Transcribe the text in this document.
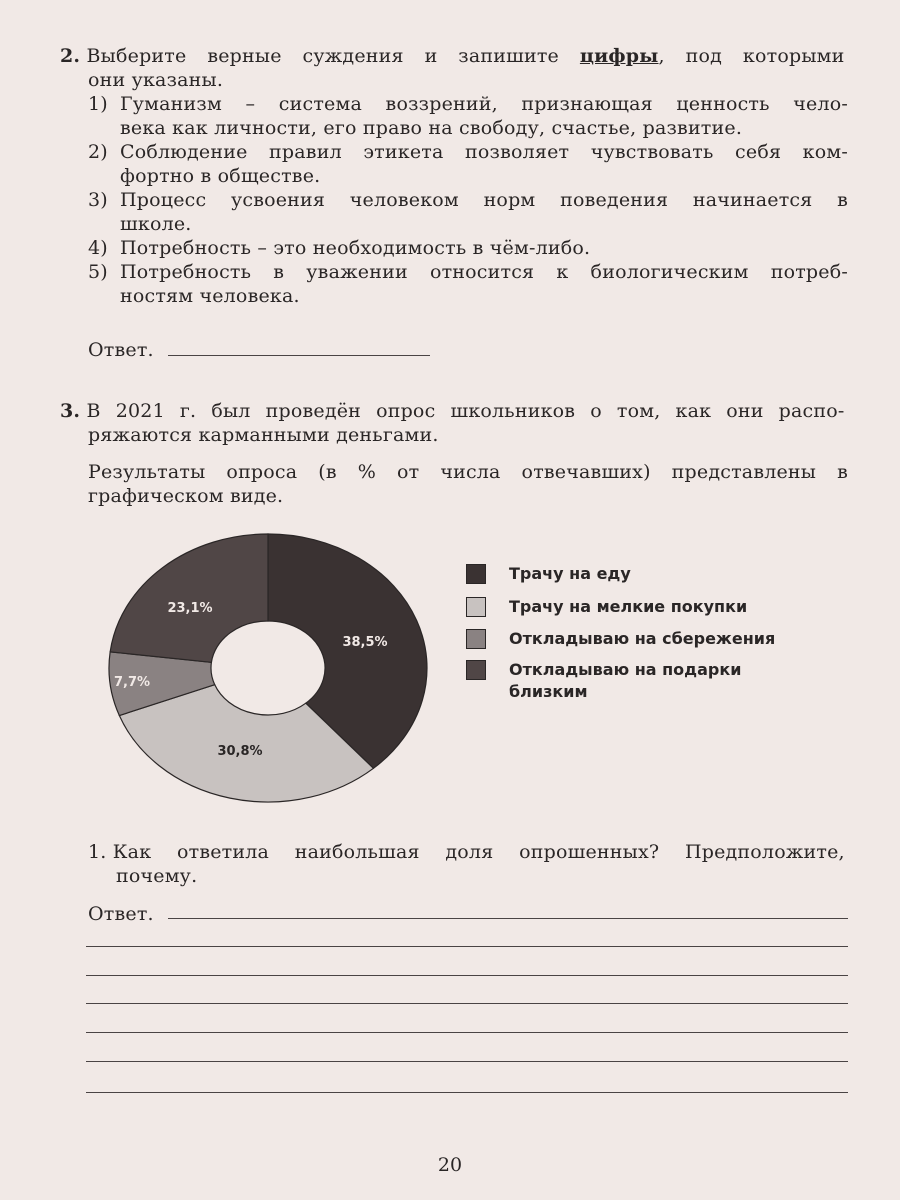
2. Выберите верные суждения и запишите цифры, под которыми
они указаны.
1) Гуманизм – система воззрений, признающая ценность чело-
века как личности, его право на свободу, счастье, развитие.
2) Соблюдение правил этикета позволяет чувствовать себя ком-
фортно в обществе.
3) Процесс усвоения человеком норм поведения начинается в
школе.
4) Потребность – это необходимость в чём-либо.
5) Потребность в уважении относится к биологическим потреб-
ностям человека.
Ответ.
3. В 2021 г. был проведён опрос школьников о том, как они распо-
ряжаются карманными деньгами.
Результаты опроса (в % от числа отвечавших) представлены в
графическом виде.
38,5%
30,8%
7,7%
23,1%
Трачу на еду
Трачу на мелкие покупки
Откладываю на сбережения
Откладываю на подарки
близким
1. Как ответила наибольшая доля опрошенных? Предположите,
почему.
Ответ.
20
